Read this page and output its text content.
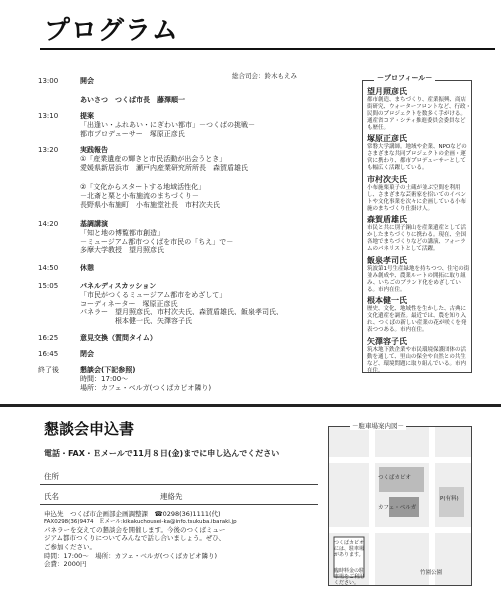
プログラム
総合司会：鈴木もえみ
13:00	開会
あいさつ　つくば市長　藤澤順一
13:10	提案
「出逢い・ふれあい・にぎわい都市」－つくばの挑戦－
都市プロデューサー　塚原正彦氏
13:20	実践報告
①「産業遺産の輝きと市民活動が出会うとき」
愛媛県新居浜市　瀬戸内産業研究所所長　森賀盾雄氏
②「文化からスタートする地域活性化」
－北斎と栗と小布施流のまちづくり－
長野県小布施町　小布施堂社長　市村次夫氏
14:20	基調講演
「知と地の博覧都市創造」
－ミュージアム都市つくばを市民の「ちえ」で－
多摩大学教授　望月照彦氏
14:50	休憩
15:05	パネルディスカッション
「市民がつくるミュージアム都市をめざして」
コーディネーター　塚原正彦氏
パネラー　望月照彦氏、市村次夫氏、森賀盾雄氏、飯泉孝司氏、
　　　　　根本健一氏、矢澤容子氏
16:25	意見交換（質問タイム）
16:45	閉会
終了後	懇談会(下記参照)
時間：17:00～
場所：カフェ・ベルガ(つくばカピオ隣り)
－プロフィール－
望月照彦氏
都市創造、まちづくり、産業振興、商店街研究、ウォーターフロントなど、行政・民間のプロジェクトを数多く手がける。通産省コア・シティ推進委員会委員なども歴任。
塚原正彦氏
常磐大学講師。地域や企業、NPOなどのさまざまな共同プロジェクトの企画・運営に携わり、都市プロデューサーとしても幅広く活躍している。
市村次夫氏
小布施栗菓子の土蔵が並ぶ空間を利用し、さまざまな芸術家を招いてのイベントや文化事業を次々に企画している小布施のまちづくり仕掛け人。
森賀盾雄氏
市民と共に別子銅山を産業遺産として活かしたまちづくりに携わる。現在、全国各地でまちづくりなどの講演、フォーラムのパネリストとして活躍。
飯泉孝司氏
筑波第1号生産緑地を持ちつつ、住宅の街並み創成や、農業ルートの開拓に取り組み、いちごのブランド化をめざしている。市内在住。
根本健一氏
歴史、文化、地域性を生かした、古典に文化遺産を調査。最近では、農を知り入れ、つくばの新しい産業の花が咲くを発表つつある。市内在住。
矢澤容子氏
筑木地下鉄企業や市民環境保護団体の活動を通して、里山の保全や自然との共生など、環境問題に取り組んでいる。市内在住。
懇談会申込書
電話・FAX・Ｅメールで11月８日(金)までに申し込んでください
住所
氏名	連絡先
申込先　つくば市企画部企画調整課　☎0298(36)1111(代)
FAX0298(36)9474　Ｅメール:kikakuchousei-ka@info.tsukuba.ibaraki.jp
パネラーを交えての懇談会を開催します。今後のつくばミュー
ジアム都市つくりについてみんなで話し合いましょう。ぜひ、
ご参加ください。
時間：17:00～　場所：カフェ・ベルガ(つくばカピオ隣り)
会費：2000円
－駐車場案内図－
つくばカピオ
カフェ・ベルガ
P(有料)
竹園公園
つくばカピオには、駐車場があります。
臨時料金の駐車場をご利用ください。
